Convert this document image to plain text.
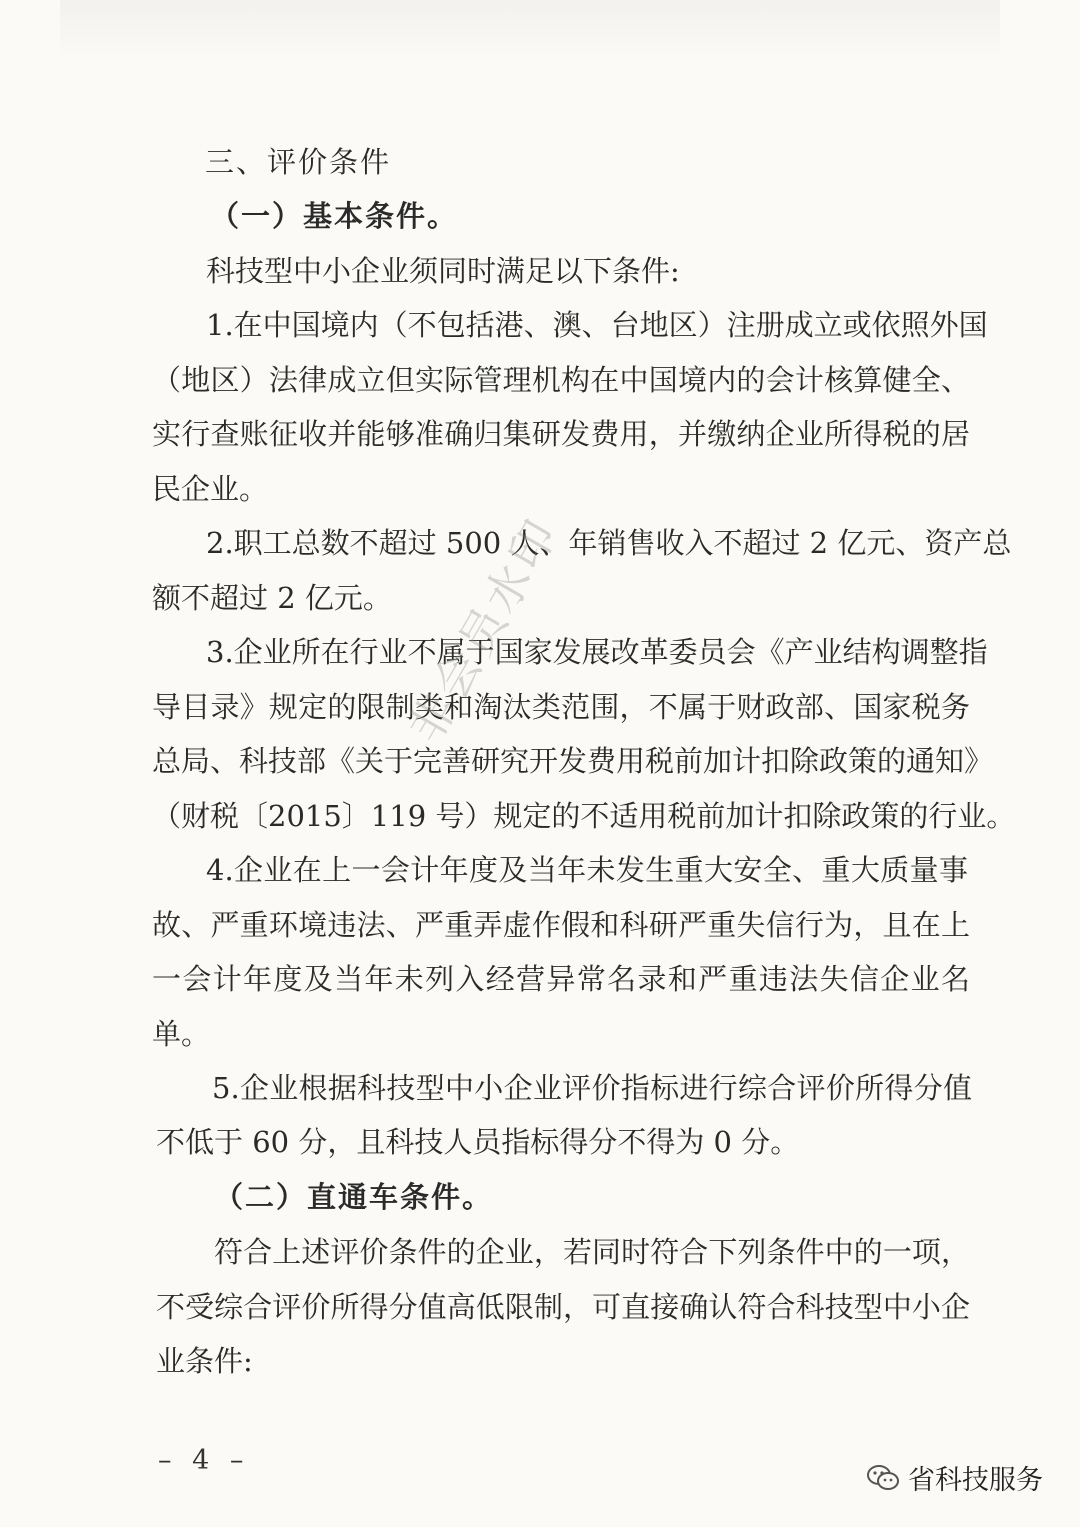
三、评价条件
（一）基本条件。
科技型中小企业须同时满足以下条件:
1.在中国境内（不包括港、澳、台地区）注册成立或依照外国
（地区）法律成立但实际管理机构在中国境内的会计核算健全、
实行查账征收并能够准确归集研发费用，并缴纳企业所得税的居
民企业。
2.职工总数不超过 500 人、年销售收入不超过 2 亿元、资产总
额不超过 2 亿元。
3.企业所在行业不属于国家发展改革委员会《产业结构调整指
导目录》规定的限制类和淘汰类范围，不属于财政部、国家税务
总局、科技部《关于完善研究开发费用税前加计扣除政策的通知》
（财税〔2015〕119 号）规定的不适用税前加计扣除政策的行业。
4.企业在上一会计年度及当年未发生重大安全、重大质量事
故、严重环境违法、严重弄虚作假和科研严重失信行为，且在上
一会计年度及当年未列入经营异常名录和严重违法失信企业名
单。
5.企业根据科技型中小企业评价指标进行综合评价所得分值
不低于 60 分，且科技人员指标得分不得为 0 分。
（二）直通车条件。
符合上述评价条件的企业，若同时符合下列条件中的一项，
不受综合评价所得分值高低限制，可直接确认符合科技型中小企
业条件:
非会员水印
– 4 –
省科技服务
